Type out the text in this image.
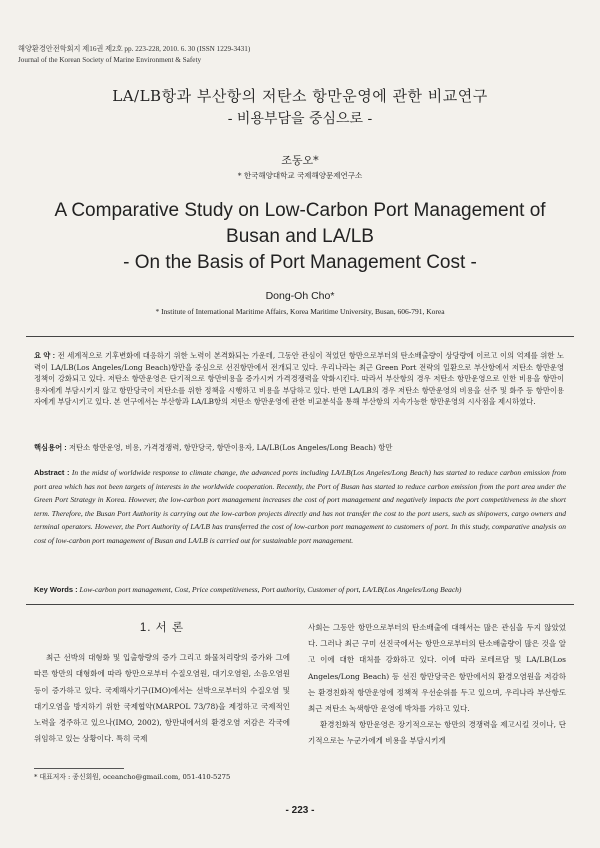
해양환경안전학회지 제16권 제2호 pp. 223-228, 2010. 6. 30 (ISSN 1229-3431)
Journal of the Korean Society of Marine Environment & Safety
LA/LB항과 부산항의 저탄소 항만운영에 관한 비교연구
- 비용부담을 중심으로 -
조동오*
* 한국해양대학교 국제해양문제연구소
A Comparative Study on Low-Carbon Port Management of
Busan and LA/LB
- On the Basis of Port Management Cost -
Dong-Oh Cho*
* Institute of International Maritime Affairs, Korea Maritime University, Busan, 606-791, Korea
요 약 : 전 세계적으로 기후변화에 대응하기 위한 노력이 본격화되는 가운데, 그동안 관심이 적었던 항만으로부터의 탄소배출량이 상당량에 이르고 이의 억제를 위한 노력이 LA/LB(Los Angeles/Long Beach)항만을 중심으로 선진항만에서 전개되고 있다. 우리나라는 최근 Green Port 전략의 일환으로 부산항에서 저탄소 항만운영정책이 강화되고 있다. 저탄소 항만운영은 단기적으로 항만비용을 증가시켜 가격경쟁력을 약화시킨다. 따라서 부산항의 경우 저탄소 항만운영으로 인한 비용을 항만이용자에게 부담시키지 않고 항만당국이 저탄소를 위한 정책을 시행하고 비용을 부담하고 있다. 반면 LA/LB의 경우 저탄소 항만운영의 비용을 선주 및 화주 등 항만이용자에게 부담시키고 있다. 본 연구에서는 부산항과 LA/LB항의 저탄소 항만운영에 관한 비교분석을 통해 부산항의 지속가능한 항만운영의 시사점을 제시하였다.
핵심용어 : 저탄소 항만운영, 비용, 가격경쟁력, 항만당국, 항만이용자, LA/LB(Los Angeles/Long Beach) 항만
Abstract : In the midst of worldwide response to climate change, the advanced ports including LA/LB(Los Angeles/Long Beach) has started to reduce carbon emission from port area which has not been targets of interests in the worldwide cooperation. Recently, the Port of Busan has started to reduce carbon emission from the port area under the Green Port Strategy in Korea. However, the low-carbon port management increases the cost of port management and negatively impacts the port competitiveness in the short term. Therefore, the Busan Port Authority is carrying out the low-carbon projects directly and has not transfer the cost to the port users, such as shipowers, cargo owners and terminal operators. However, the Port Authority of LA/LB has transferred the cost of low-carbon port management to customers of port. In this study, comparative analysis on cost of low-carbon port management of Busan and LA/LB is carried out for sustainable port management.
Key Words : Low-carbon port management, Cost, Price competitiveness, Port authority, Customer of port, LA/LB(Los Angeles/Long Beach)
1. 서 론

최근 선박의 대형화 및 입출항량의 증가 그리고 화물처리량의 증가와 그에 따른 항만의 대형화에 따라 항만으로부터 수질오염원, 대기오염원, 소음오염원 등이 증가하고 있다. 국제해사기구(IMO)에서는 선박으로부터의 수질오염 및 대기오염을 방지하기 위한 국제협약(MARPOL 73/78)을 제정하고 국제적인 노력을 경주하고 있으나(IMO, 2002), 항만내에서의 환경오염 저감은 각국에 위임하고 있는 상황이다. 특히 국제

사회는 그동안 항만으로부터의 탄소배출에 대해서는 많은 관심을 두지 않았었다. 그러나 최근 구미 선진국에서는 항만으로부터의 탄소배출량이 많은 것을 알고 이에 대한 대처를 강화하고 있다. 이에 따라 로테르담 및 LA/LB(Los Angeles/Long Beach) 등 선진 항만당국은 항만에서의 환경오염원을 저감하는 환경친화적 항만운영에 정책적 우선순위를 두고 있으며, 우리나라 부산항도 최근 저탄소 녹색항만 운영에 박차를 가하고 있다.

환경친화적 항만운영은 장기적으로는 항만의 경쟁력을 제고시킬 것이나, 단기적으로는 누군가에게 비용을 부담시키게

* 대표저자 : 종신회원, oceancho@gmail.com, 051-410-5275
- 223 -
